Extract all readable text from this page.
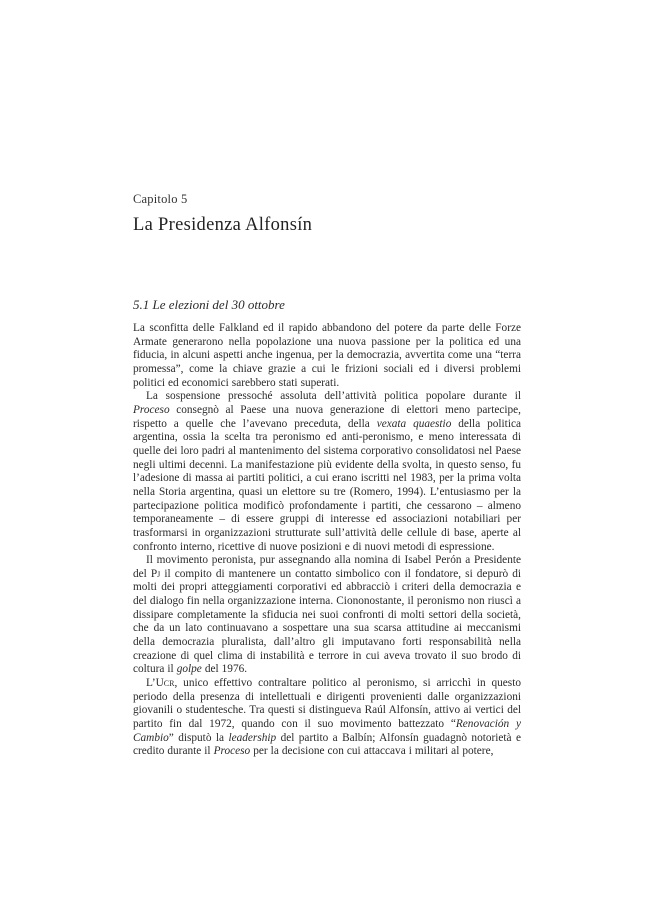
Capitolo 5
La Presidenza Alfonsín
5.1 Le elezioni del 30 ottobre

La sconfitta delle Falkland ed il rapido abbandono del potere da parte delle Forze Armate generarono nella popolazione una nuova passione per la politica ed una fiducia, in alcuni aspetti anche ingenua, per la democrazia, avvertita come una “terra promessa”, come la chiave grazie a cui le frizioni sociali ed i diversi problemi politici ed economici sarebbero stati superati.

La sospensione pressoché assoluta dell’attività politica popolare durante il Proceso consegnò al Paese una nuova generazione di elettori meno partecipe, rispetto a quelle che l’avevano preceduta, della vexata quaestio della politica argentina, ossia la scelta tra peronismo ed anti-peronismo, e meno interessata di quelle dei loro padri al mantenimento del sistema corporativo consolidatosi nel Paese negli ultimi decenni. La manifestazione più evidente della svolta, in questo senso, fu l’adesione di massa ai partiti politici, a cui erano iscritti nel 1983, per la prima volta nella Storia argentina, quasi un elettore su tre (Romero, 1994). L’entusiasmo per la partecipazione politica modificò profondamente i partiti, che cessarono – almeno temporaneamente – di essere gruppi di interesse ed associazioni notabiliari per trasformarsi in organizzazioni strutturate sull’attività delle cellule di base, aperte al confronto interno, ricettive di nuove posizioni e di nuovi metodi di espressione.

Il movimento peronista, pur assegnando alla nomina di Isabel Perón a Presidente del Pj il compito di mantenere un contatto simbolico con il fondatore, si depurò di molti dei propri atteggiamenti corporativi ed abbracciò i criteri della democrazia e del dialogo fin nella organizzazione interna. Ciononostante, il peronismo non riuscì a dissipare completamente la sfiducia nei suoi confronti di molti settori della società, che da un lato continuavano a sospettare una sua scarsa attitudine ai meccanismi della democrazia pluralista, dall’altro gli imputavano forti responsabilità nella creazione di quel clima di instabilità e terrore in cui aveva trovato il suo brodo di coltura il golpe del 1976.

L’Ucr, unico effettivo contraltare politico al peronismo, si arricchì in questo periodo della presenza di intellettuali e dirigenti provenienti dalle organizzazioni giovanili o studentesche. Tra questi si distingueva Raúl Alfonsín, attivo ai vertici del partito fin dal 1972, quando con il suo movimento battezzato “Renovación y Cambio” disputò la leadership del partito a Balbín; Alfonsín guadagnò notorietà e credito durante il Proceso per la decisione con cui attaccava i militari al potere,
